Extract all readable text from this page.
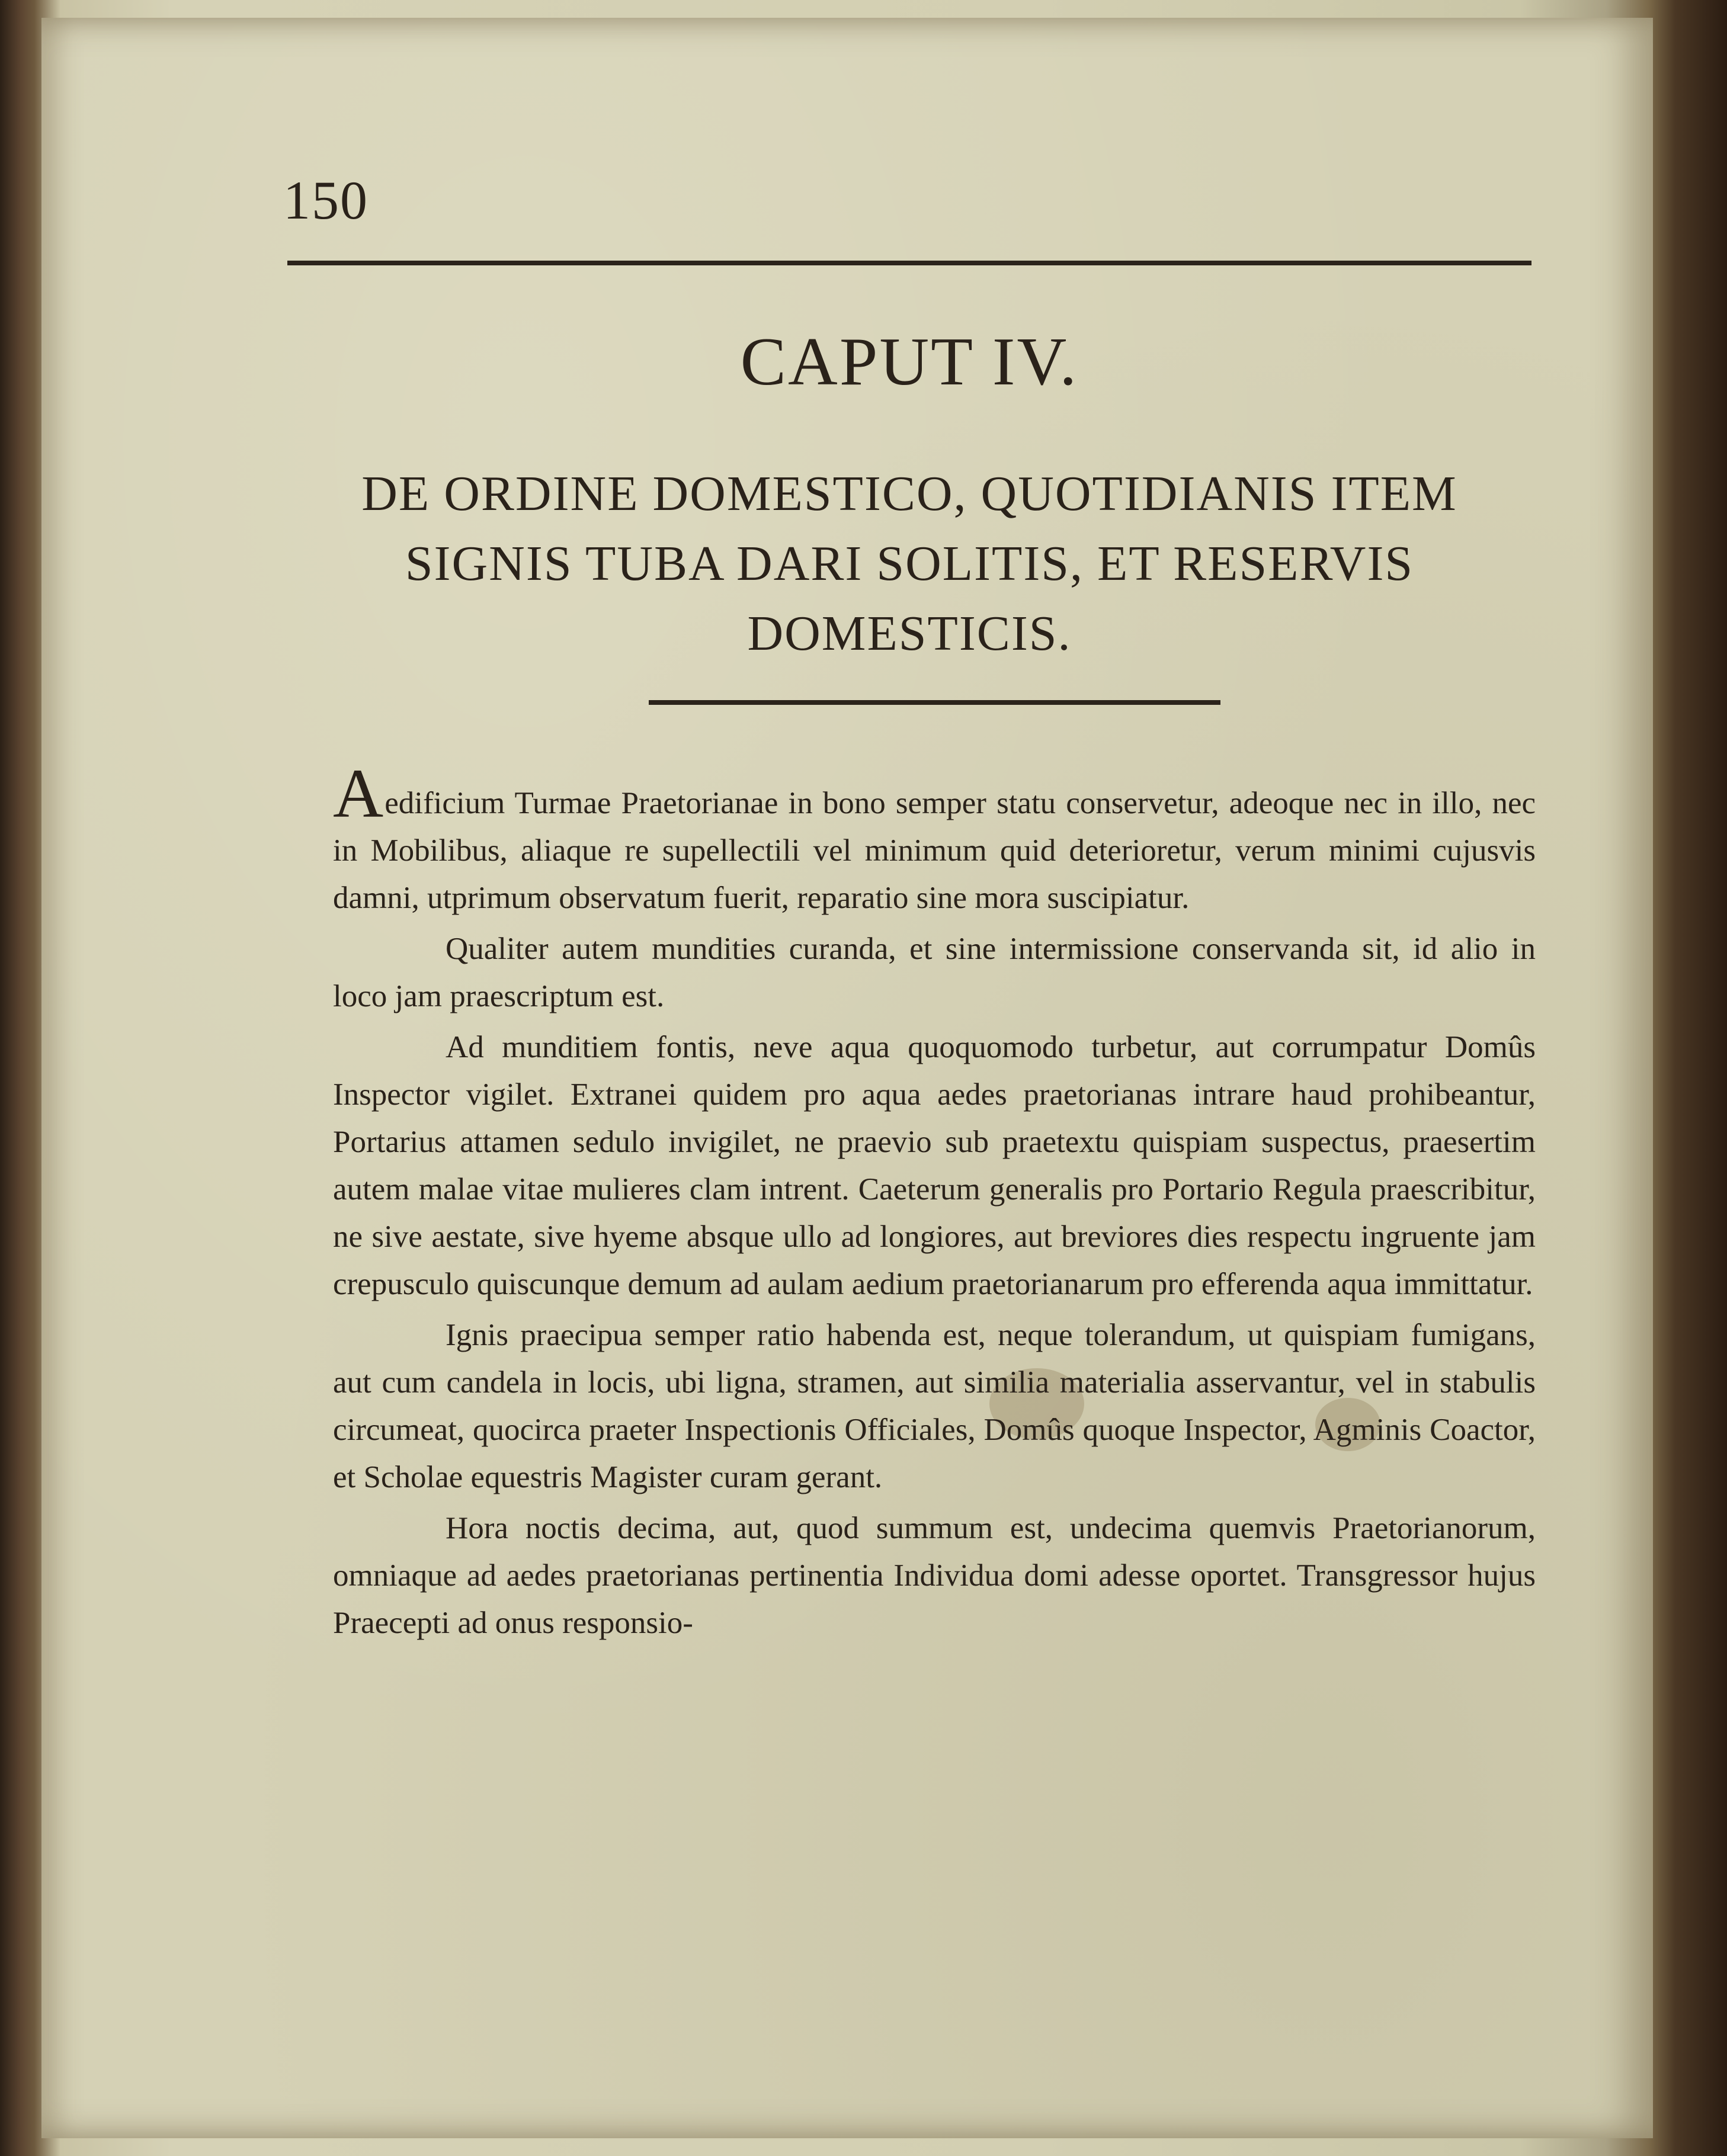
150
CAPUT IV.
DE ORDINE DOMESTICO, QUOTIDIANIS ITEM
SIGNIS TUBA DARI SOLITIS, ET RESERVIS
DOMESTICIS.

Aedificium Turmae Praetorianae in bono semper statu conservetur, adeoque nec in illo, nec in Mobilibus, aliaque re supellectili vel minimum quid deterioretur, verum minimi cujusvis damni, utprimum observatum fuerit, reparatio sine mora suscipiatur.

Qualiter autem mundities curanda, et sine intermissione conservanda sit, id alio in loco jam praescriptum est.

Ad munditiem fontis, neve aqua quoquomodo turbetur, aut corrumpatur Domûs Inspector vigilet. Extranei quidem pro aqua aedes praetorianas intrare haud prohibeantur, Portarius attamen sedulo invigilet, ne praevio sub praetextu quispiam suspectus, praesertim autem malae vitae mulieres clam intrent. Caeterum generalis pro Portario Regula praescribitur, ne sive aestate, sive hyeme absque ullo ad longiores, aut breviores dies respectu ingruente jam crepusculo quiscunque demum ad aulam aedium praetorianarum pro efferenda aqua immittatur.

Ignis praecipua semper ratio habenda est, neque tolerandum, ut quispiam fumigans, aut cum candela in locis, ubi ligna, stramen, aut similia materialia asservantur, vel in stabulis circumeat, quocirca praeter Inspectionis Officiales, Domûs quoque Inspector, Agminis Coactor, et Scholae equestris Magister curam gerant.

Hora noctis decima, aut, quod summum est, undecima quemvis Praetorianorum, omniaque ad aedes praetorianas pertinentia Individua domi adesse oportet. Transgressor hujus Praecepti ad onus responsio-
